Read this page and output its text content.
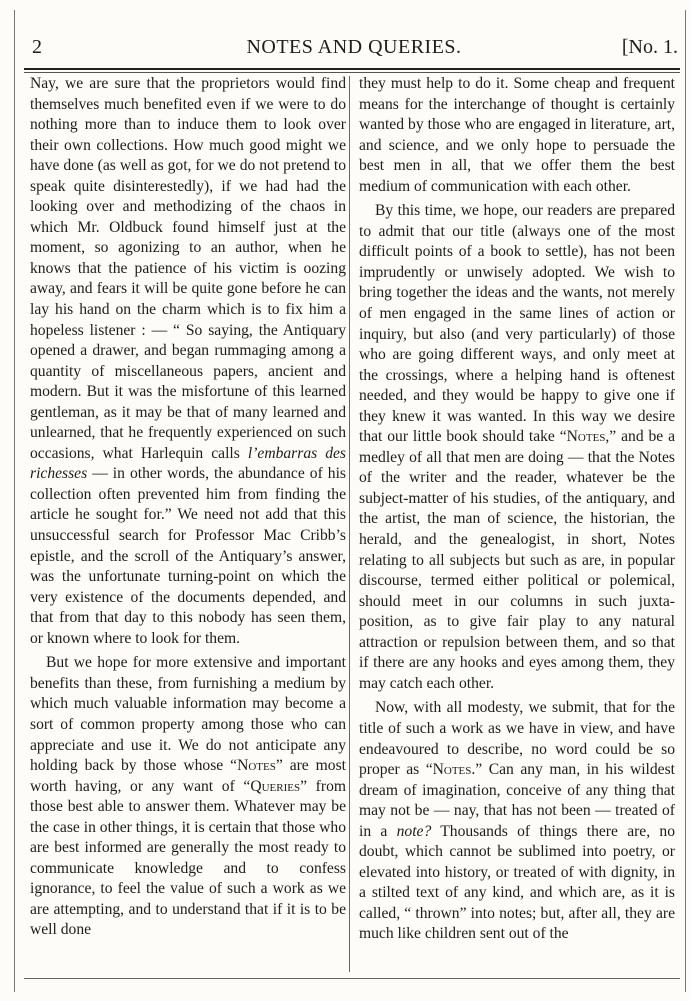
2	NOTES AND QUERIES.	[No. 1.

Nay, we are sure that the proprietors would find themselves much benefited even if we were to do nothing more than to induce them to look over their own collections. How much good might we have done (as well as got, for we do not pretend to speak quite disinterestedly), if we had had the looking over and methodizing of the chaos in which Mr. Oldbuck found himself just at the moment, so agonizing to an author, when he knows that the patience of his victim is oozing away, and fears it will be quite gone before he can lay his hand on the charm which is to fix him a hopeless listener : — “ So saying, the Antiquary opened a drawer, and began rummaging among a quantity of miscellaneous papers, ancient and modern. But it was the misfortune of this learned gentleman, as it may be that of many learned and unlearned, that he frequently experienced on such occasions, what Harlequin calls l’embarras des richesses — in other words, the abundance of his collection often prevented him from finding the article he sought for.” We need not add that this unsuccessful search for Professor Mac Cribb’s epistle, and the scroll of the Antiquary’s answer, was the unfortunate turning-point on which the very existence of the documents depended, and that from that day to this nobody has seen them, or known where to look for them.

But we hope for more extensive and important benefits than these, from furnishing a medium by which much valuable information may become a sort of common property among those who can appreciate and use it. We do not anticipate any holding back by those whose “Notes” are most worth having, or any want of “Queries” from those best able to answer them. Whatever may be the case in other things, it is certain that those who are best informed are generally the most ready to communicate knowledge and to confess ignorance, to feel the value of such a work as we are attempting, and to understand that if it is to be well done

they must help to do it. Some cheap and frequent means for the interchange of thought is certainly wanted by those who are engaged in literature, art, and science, and we only hope to persuade the best men in all, that we offer them the best medium of communication with each other.

By this time, we hope, our readers are prepared to admit that our title (always one of the most difficult points of a book to settle), has not been imprudently or unwisely adopted. We wish to bring together the ideas and the wants, not merely of men engaged in the same lines of action or inquiry, but also (and very particularly) of those who are going different ways, and only meet at the crossings, where a helping hand is oftenest needed, and they would be happy to give one if they knew it was wanted. In this way we desire that our little book should take “Notes,” and be a medley of all that men are doing — that the Notes of the writer and the reader, whatever be the subject-matter of his studies, of the antiquary, and the artist, the man of science, the historian, the herald, and the genealogist, in short, Notes relating to all subjects but such as are, in popular discourse, termed either political or polemical, should meet in our columns in such juxta-position, as to give fair play to any natural attraction or repulsion between them, and so that if there are any hooks and eyes among them, they may catch each other.

Now, with all modesty, we submit, that for the title of such a work as we have in view, and have endeavoured to describe, no word could be so proper as “Notes.” Can any man, in his wildest dream of imagination, conceive of any thing that may not be — nay, that has not been — treated of in a note? Thousands of things there are, no doubt, which cannot be sublimed into poetry, or elevated into history, or treated of with dignity, in a stilted text of any kind, and which are, as it is called, “ thrown” into notes; but, after all, they are much like children sent out of the
